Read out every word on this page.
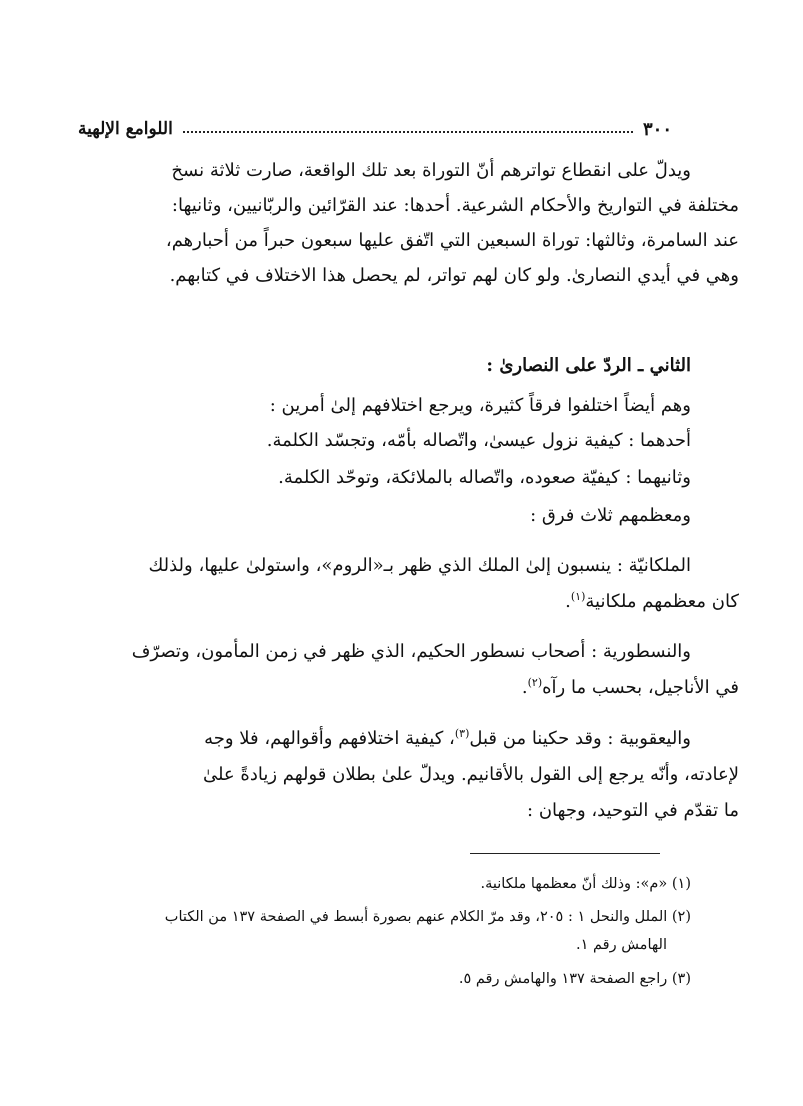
٣٠٠
اللوامع الإلهية
ويدلّ على انقطاع تواترهم أنّ التوراة بعد تلك الواقعة، صارت ثلاثة نسخ
مختلفة في التواريخ والأحكام الشرعية. أحدها: عند القرّائين والربّانيين، وثانيها:
عند السامرة، وثالثها: توراة السبعين التي اتّفق عليها سبعون حبراً من أحبارهم،
وهي في أيدي النصارىٰ. ولو كان لهم تواتر، لم يحصل هذا الاختلاف في كتابهم.
الثاني ـ الردّ على النصارىٰ :
وهم أيضاً اختلفوا فرقاً كثيرة، ويرجع اختلافهم إلىٰ أمرين :
أحدهما : كيفية نزول عيسىٰ، واتّصاله بأُمّه، وتجسّد الكلمة.
وثانيهما : كيفيّة صعوده، واتّصاله بالملائكة، وتوحّد الكلمة.
ومعظمهم ثلاث فرق :
الملكانيّة : ينسبون إلىٰ الملك الذي ظهر بـ«الروم»، واستولىٰ عليها، ولذلك
كان معظمهم ملكانية$^{(١)}$.
والنسطورية : أصحاب نسطور الحكيم، الذي ظهر في زمن المأمون، وتصرّف
في الأناجيل، بحسب ما رآه$^{(٢)}$.
واليعقوبية : وقد حكينا من قبل$^{(٣)}$، كيفية اختلافهم وأقوالهم، فلا وجه
لإعادته، وأنّه يرجع إلى القول بالأقانيم. ويدلّ علىٰ بطلان قولهم زيادةً علىٰ
ما تقدّم في التوحيد، وجهان :
(١) «م»: وذلك أنّ معظمها ملكانية.
(٢) الملل والنحل ١ : ٢٠٥، وقد مرّ الكلام عنهم بصورة أبسط في الصفحة ١٣٧ من الكتاب
الهامش رقم ١.
(٣) راجع الصفحة ١٣٧ والهامش رقم ٥.
